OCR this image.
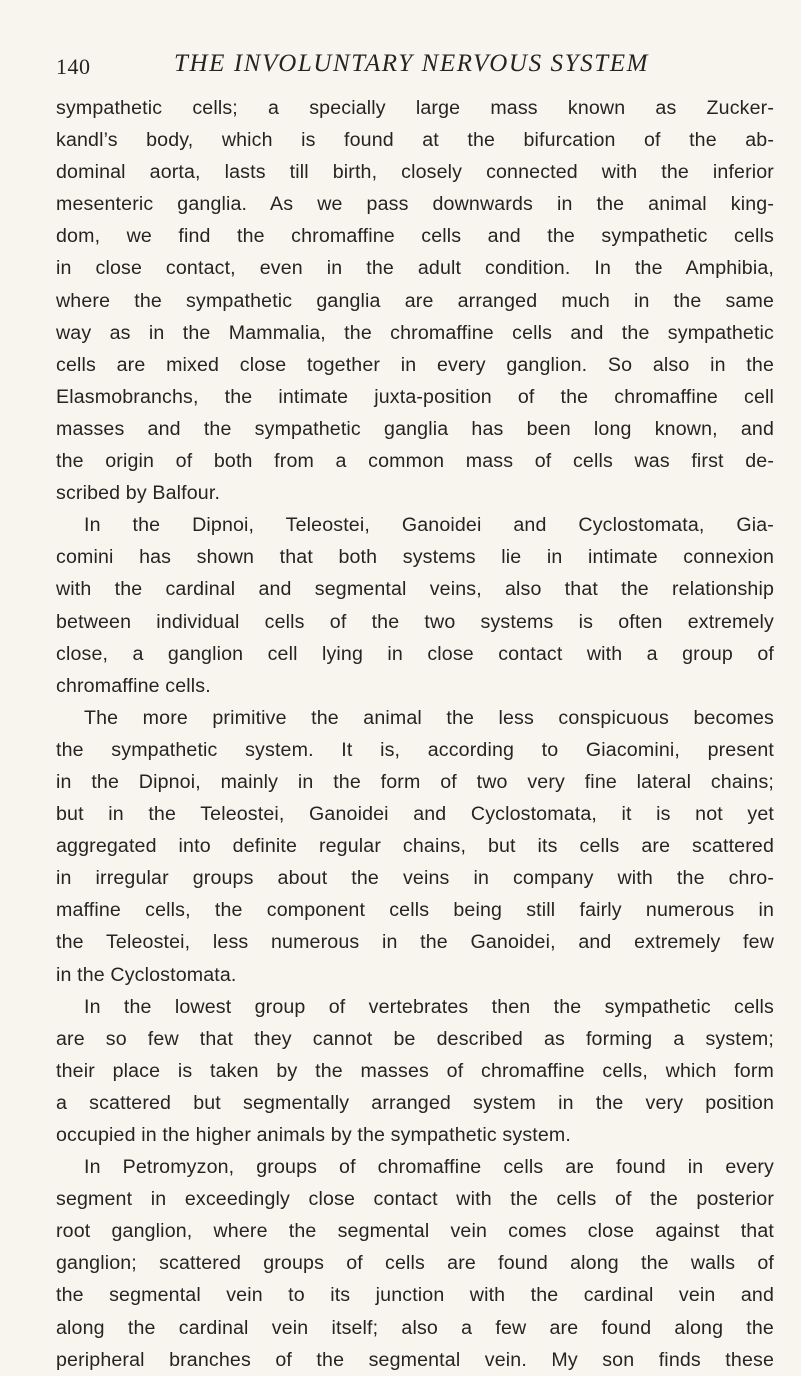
140	THE INVOLUNTARY NERVOUS SYSTEM
sympathetic cells; a specially large mass known as Zucker-
kandl’s body, which is found at the bifurcation of the ab-
dominal aorta, lasts till birth, closely connected with the inferior
mesenteric ganglia. As we pass downwards in the animal king-
dom, we find the chromaffine cells and the sympathetic cells
in close contact, even in the adult condition. In the Amphibia,
where the sympathetic ganglia are arranged much in the same
way as in the Mammalia, the chromaffine cells and the sympathetic
cells are mixed close together in every ganglion. So also in the
Elasmobranchs, the intimate juxta-position of the chromaffine cell
masses and the sympathetic ganglia has been long known, and
the origin of both from a common mass of cells was first de-
scribed by Balfour.
In the Dipnoi, Teleostei, Ganoidei and Cyclostomata, Gia-
comini has shown that both systems lie in intimate connexion
with the cardinal and segmental veins, also that the relationship
between individual cells of the two systems is often extremely
close, a ganglion cell lying in close contact with a group of
chromaffine cells.
The more primitive the animal the less conspicuous becomes
the sympathetic system. It is, according to Giacomini, present
in the Dipnoi, mainly in the form of two very fine lateral chains;
but in the Teleostei, Ganoidei and Cyclostomata, it is not yet
aggregated into definite regular chains, but its cells are scattered
in irregular groups about the veins in company with the chro-
maffine cells, the component cells being still fairly numerous in
the Teleostei, less numerous in the Ganoidei, and extremely few
in the Cyclostomata.
In the lowest group of vertebrates then the sympathetic cells
are so few that they cannot be described as forming a system;
their place is taken by the masses of chromaffine cells, which form
a scattered but segmentally arranged system in the very position
occupied in the higher animals by the sympathetic system.
In Petromyzon, groups of chromaffine cells are found in every
segment in exceedingly close contact with the cells of the posterior
root ganglion, where the segmental vein comes close against that
ganglion; scattered groups of cells are found along the walls of
the segmental vein to its junction with the cardinal vein and
along the cardinal vein itself; also a few are found along the
peripheral branches of the segmental vein. My son finds these
